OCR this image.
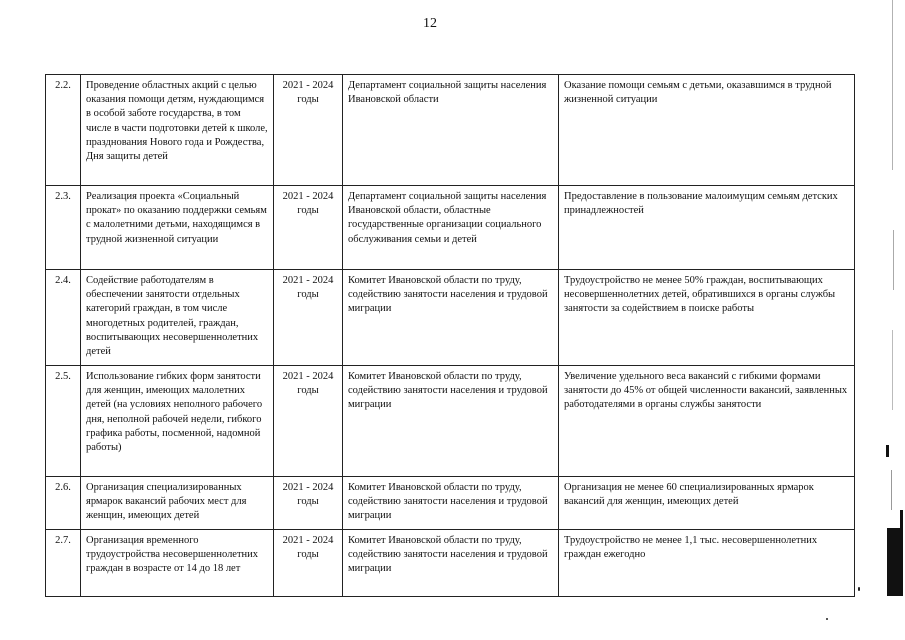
12
2.2.	Проведение областных акций с целью оказания помощи детям, нуждающимся в особой заботе государства, в том числе в части подготовки детей к школе, празднования Нового года и Рождества, Дня защиты детей	2021 - 2024 годы	Департамент социальной защиты населения Ивановской области	Оказание помощи семьям с детьми, оказавшимся в трудной жизненной ситуации
2.3.	Реализация проекта «Социальный прокат» по оказанию поддержки семьям с малолетними детьми, находящимся в трудной жизненной ситуации	2021 - 2024 годы	Департамент социальной защиты населения Ивановской области, областные государственные организации социального обслуживания семьи и детей	Предоставление в пользование малоимущим семьям детских принадлежностей
2.4.	Содействие работодателям в обеспечении занятости отдельных категорий граждан, в том числе многодетных родителей, граждан, воспитывающих несовершеннолетних детей	2021 - 2024 годы	Комитет Ивановской области по труду, содействию занятости населения и трудовой миграции	Трудоустройство не менее 50% граждан, воспитывающих несовершеннолетних детей, обратившихся в органы службы занятости за содействием в поиске работы
2.5.	Использование гибких форм занятости для женщин, имеющих малолетних детей (на условиях неполного рабочего дня, неполной рабочей недели, гибкого графика работы, посменной, надомной работы)	2021 - 2024 годы	Комитет Ивановской области по труду, содействию занятости населения и трудовой миграции	Увеличение удельного веса вакансий с гибкими формами занятости до 45% от общей численности вакансий, заявленных работодателями в органы службы занятости
2.6.	Организация специализированных ярмарок вакансий рабочих мест для женщин, имеющих детей	2021 - 2024 годы	Комитет Ивановской области по труду, содействию занятости населения и трудовой миграции	Организация не менее 60 специализированных ярмарок вакансий для женщин, имеющих детей
2.7.	Организация временного трудоустройства несовершеннолетних граждан в возрасте от 14 до 18 лет	2021 - 2024 годы	Комитет Ивановской области по труду, содействию занятости населения и трудовой миграции	Трудоустройство не менее 1,1 тыс. несовершеннолетних граждан ежегодно
